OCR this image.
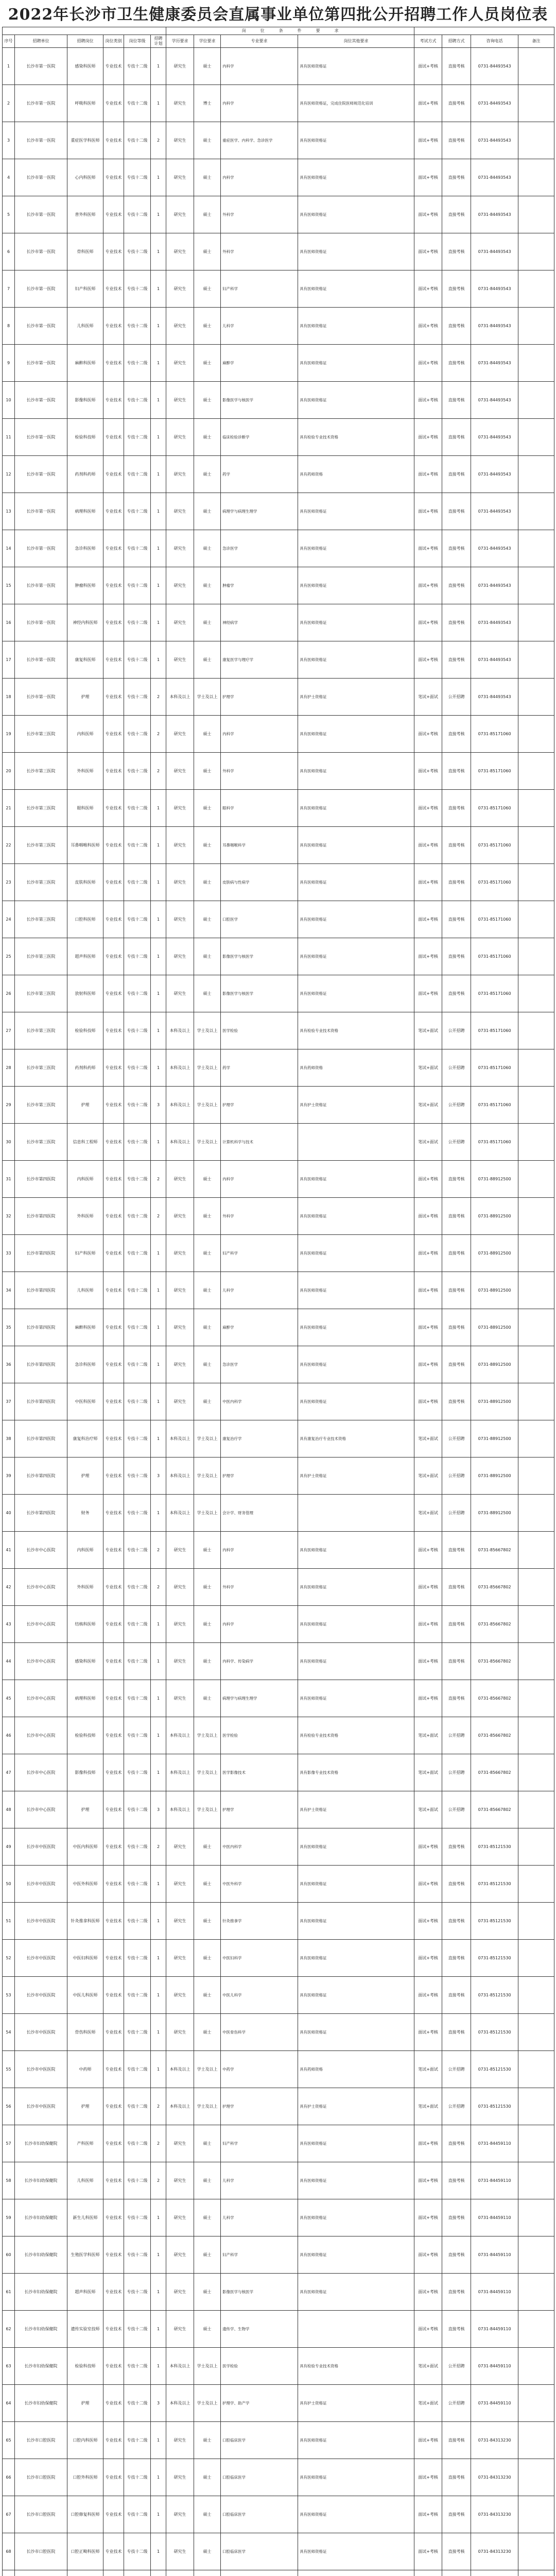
2022年长沙市卫生健康委员会直属事业单位第四批公开招聘工作人员岗位表
						岗 位 条 件 要 求							
序号	招聘单位	招聘岗位	岗位类别	岗位等级	招聘计划	学历要求	学位要求	专业要求	岗位其他要求	考试方式	招聘方式	咨询电话	备注
1	长沙市第一医院	感染科医师	专业技术	专技十二级	1	研究生	硕士	内科学	具有医师资格证	面试+考核	直接考核	0731-84493543	
2	长沙市第一医院	呼吸科医师	专业技术	专技十二级	1	研究生	博士	内科学	具有医师资格证，完成住院医师规范化培训	面试+考核	直接考核	0731-84493543	
3	长沙市第一医院	重症医学科医师	专业技术	专技十二级	2	研究生	硕士	重症医学、内科学、急诊医学	具有医师资格证	面试+考核	直接考核	0731-84493543	
4	长沙市第一医院	心内科医师	专业技术	专技十二级	1	研究生	硕士	内科学	具有医师资格证	面试+考核	直接考核	0731-84493543	
5	长沙市第一医院	普外科医师	专业技术	专技十二级	1	研究生	硕士	外科学	具有医师资格证	面试+考核	直接考核	0731-84493543	
6	长沙市第一医院	骨科医师	专业技术	专技十二级	1	研究生	硕士	外科学	具有医师资格证	面试+考核	直接考核	0731-84493543	
7	长沙市第一医院	妇产科医师	专业技术	专技十二级	1	研究生	硕士	妇产科学	具有医师资格证	面试+考核	直接考核	0731-84493543	
8	长沙市第一医院	儿科医师	专业技术	专技十二级	1	研究生	硕士	儿科学	具有医师资格证	面试+考核	直接考核	0731-84493543	
9	长沙市第一医院	麻醉科医师	专业技术	专技十二级	1	研究生	硕士	麻醉学	具有医师资格证	面试+考核	直接考核	0731-84493543	
10	长沙市第一医院	影像科医师	专业技术	专技十二级	1	研究生	硕士	影像医学与核医学	具有医师资格证	面试+考核	直接考核	0731-84493543	
11	长沙市第一医院	检验科技师	专业技术	专技十二级	1	研究生	硕士	临床检验诊断学	具有检验专业技术资格	面试+考核	直接考核	0731-84493543	
12	长沙市第一医院	药剂科药师	专业技术	专技十二级	1	研究生	硕士	药学	具有药师资格	面试+考核	直接考核	0731-84493543	
13	长沙市第一医院	病理科医师	专业技术	专技十二级	1	研究生	硕士	病理学与病理生理学	具有医师资格证	面试+考核	直接考核	0731-84493543	
14	长沙市第一医院	急诊科医师	专业技术	专技十二级	1	研究生	硕士	急诊医学	具有医师资格证	面试+考核	直接考核	0731-84493543	
15	长沙市第一医院	肿瘤科医师	专业技术	专技十二级	1	研究生	硕士	肿瘤学	具有医师资格证	面试+考核	直接考核	0731-84493543	
16	长沙市第一医院	神经内科医师	专业技术	专技十二级	1	研究生	硕士	神经病学	具有医师资格证	面试+考核	直接考核	0731-84493543	
17	长沙市第一医院	康复科医师	专业技术	专技十二级	1	研究生	硕士	康复医学与理疗学	具有医师资格证	面试+考核	直接考核	0731-84493543	
18	长沙市第一医院	护理	专业技术	专技十二级	2	本科及以上	学士及以上	护理学	具有护士资格证	笔试+面试	公开招聘	0731-84493543	
19	长沙市第三医院	内科医师	专业技术	专技十二级	2	研究生	硕士	内科学	具有医师资格证	面试+考核	直接考核	0731-85171060	
20	长沙市第三医院	外科医师	专业技术	专技十二级	2	研究生	硕士	外科学	具有医师资格证	面试+考核	直接考核	0731-85171060	
21	长沙市第三医院	眼科医师	专业技术	专技十二级	1	研究生	硕士	眼科学	具有医师资格证	面试+考核	直接考核	0731-85171060	
22	长沙市第三医院	耳鼻咽喉科医师	专业技术	专技十二级	1	研究生	硕士	耳鼻咽喉科学	具有医师资格证	面试+考核	直接考核	0731-85171060	
23	长沙市第三医院	皮肤科医师	专业技术	专技十二级	1	研究生	硕士	皮肤病与性病学	具有医师资格证	面试+考核	直接考核	0731-85171060	
24	长沙市第三医院	口腔科医师	专业技术	专技十二级	1	研究生	硕士	口腔医学	具有医师资格证	面试+考核	直接考核	0731-85171060	
25	长沙市第三医院	超声科医师	专业技术	专技十二级	1	研究生	硕士	影像医学与核医学	具有医师资格证	面试+考核	直接考核	0731-85171060	
26	长沙市第三医院	放射科医师	专业技术	专技十二级	1	研究生	硕士	影像医学与核医学	具有医师资格证	面试+考核	直接考核	0731-85171060	
27	长沙市第三医院	检验科技师	专业技术	专技十二级	1	本科及以上	学士及以上	医学检验	具有检验专业技术资格	笔试+面试	公开招聘	0731-85171060	
28	长沙市第三医院	药剂科药师	专业技术	专技十二级	1	本科及以上	学士及以上	药学	具有药师资格	笔试+面试	公开招聘	0731-85171060	
29	长沙市第三医院	护理	专业技术	专技十二级	3	本科及以上	学士及以上	护理学	具有护士资格证	笔试+面试	公开招聘	0731-85171060	
30	长沙市第三医院	信息科工程师	专业技术	专技十二级	1	本科及以上	学士及以上	计算机科学与技术		笔试+面试	公开招聘	0731-85171060	
31	长沙市第四医院	内科医师	专业技术	专技十二级	2	研究生	硕士	内科学	具有医师资格证	面试+考核	直接考核	0731-88912500	
32	长沙市第四医院	外科医师	专业技术	专技十二级	2	研究生	硕士	外科学	具有医师资格证	面试+考核	直接考核	0731-88912500	
33	长沙市第四医院	妇产科医师	专业技术	专技十二级	1	研究生	硕士	妇产科学	具有医师资格证	面试+考核	直接考核	0731-88912500	
34	长沙市第四医院	儿科医师	专业技术	专技十二级	1	研究生	硕士	儿科学	具有医师资格证	面试+考核	直接考核	0731-88912500	
35	长沙市第四医院	麻醉科医师	专业技术	专技十二级	1	研究生	硕士	麻醉学	具有医师资格证	面试+考核	直接考核	0731-88912500	
36	长沙市第四医院	急诊科医师	专业技术	专技十二级	1	研究生	硕士	急诊医学	具有医师资格证	面试+考核	直接考核	0731-88912500	
37	长沙市第四医院	中医科医师	专业技术	专技十二级	1	研究生	硕士	中医内科学	具有医师资格证	面试+考核	直接考核	0731-88912500	
38	长沙市第四医院	康复科治疗师	专业技术	专技十二级	1	本科及以上	学士及以上	康复治疗学	具有康复治疗专业技术资格	笔试+面试	公开招聘	0731-88912500	
39	长沙市第四医院	护理	专业技术	专技十二级	3	本科及以上	学士及以上	护理学	具有护士资格证	笔试+面试	公开招聘	0731-88912500	
40	长沙市第四医院	财务	专业技术	专技十二级	1	本科及以上	学士及以上	会计学、财务管理		笔试+面试	公开招聘	0731-88912500	
41	长沙市中心医院	内科医师	专业技术	专技十二级	2	研究生	硕士	内科学	具有医师资格证	面试+考核	直接考核	0731-85667802	
42	长沙市中心医院	外科医师	专业技术	专技十二级	2	研究生	硕士	外科学	具有医师资格证	面试+考核	直接考核	0731-85667802	
43	长沙市中心医院	结核科医师	专业技术	专技十二级	1	研究生	硕士	内科学	具有医师资格证	面试+考核	直接考核	0731-85667802	
44	长沙市中心医院	感染科医师	专业技术	专技十二级	1	研究生	硕士	内科学、传染病学	具有医师资格证	面试+考核	直接考核	0731-85667802	
45	长沙市中心医院	病理科医师	专业技术	专技十二级	1	研究生	硕士	病理学与病理生理学	具有医师资格证	面试+考核	直接考核	0731-85667802	
46	长沙市中心医院	检验科技师	专业技术	专技十二级	1	本科及以上	学士及以上	医学检验	具有检验专业技术资格	笔试+面试	公开招聘	0731-85667802	
47	长沙市中心医院	影像科技师	专业技术	专技十二级	1	本科及以上	学士及以上	医学影像技术	具有影像专业技术资格	笔试+面试	公开招聘	0731-85667802	
48	长沙市中心医院	护理	专业技术	专技十二级	3	本科及以上	学士及以上	护理学	具有护士资格证	笔试+面试	公开招聘	0731-85667802	
49	长沙市中医医院	中医内科医师	专业技术	专技十二级	2	研究生	硕士	中医内科学	具有医师资格证	面试+考核	直接考核	0731-85121530	
50	长沙市中医医院	中医外科医师	专业技术	专技十二级	1	研究生	硕士	中医外科学	具有医师资格证	面试+考核	直接考核	0731-85121530	
51	长沙市中医医院	针灸推拿科医师	专业技术	专技十二级	1	研究生	硕士	针灸推拿学	具有医师资格证	面试+考核	直接考核	0731-85121530	
52	长沙市中医医院	中医妇科医师	专业技术	专技十二级	1	研究生	硕士	中医妇科学	具有医师资格证	面试+考核	直接考核	0731-85121530	
53	长沙市中医医院	中医儿科医师	专业技术	专技十二级	1	研究生	硕士	中医儿科学	具有医师资格证	面试+考核	直接考核	0731-85121530	
54	长沙市中医医院	骨伤科医师	专业技术	专技十二级	1	研究生	硕士	中医骨伤科学	具有医师资格证	面试+考核	直接考核	0731-85121530	
55	长沙市中医医院	中药师	专业技术	专技十二级	1	本科及以上	学士及以上	中药学	具有药师资格	笔试+面试	公开招聘	0731-85121530	
56	长沙市中医医院	护理	专业技术	专技十二级	2	本科及以上	学士及以上	护理学	具有护士资格证	笔试+面试	公开招聘	0731-85121530	
57	长沙市妇幼保健院	产科医师	专业技术	专技十二级	2	研究生	硕士	妇产科学	具有医师资格证	面试+考核	直接考核	0731-84459110	
58	长沙市妇幼保健院	儿科医师	专业技术	专技十二级	2	研究生	硕士	儿科学	具有医师资格证	面试+考核	直接考核	0731-84459110	
59	长沙市妇幼保健院	新生儿科医师	专业技术	专技十二级	1	研究生	硕士	儿科学	具有医师资格证	面试+考核	直接考核	0731-84459110	
60	长沙市妇幼保健院	生殖医学科医师	专业技术	专技十二级	1	研究生	硕士	妇产科学	具有医师资格证	面试+考核	直接考核	0731-84459110	
61	长沙市妇幼保健院	超声科医师	专业技术	专技十二级	1	研究生	硕士	影像医学与核医学	具有医师资格证	面试+考核	直接考核	0731-84459110	
62	长沙市妇幼保健院	遗传实验室技师	专业技术	专技十二级	1	研究生	硕士	遗传学、生物学		面试+考核	直接考核	0731-84459110	
63	长沙市妇幼保健院	检验科技师	专业技术	专技十二级	1	本科及以上	学士及以上	医学检验	具有检验专业技术资格	笔试+面试	公开招聘	0731-84459110	
64	长沙市妇幼保健院	护理	专业技术	专技十二级	3	本科及以上	学士及以上	护理学、助产学	具有护士资格证	笔试+面试	公开招聘	0731-84459110	
65	长沙市口腔医院	口腔内科医师	专业技术	专技十二级	1	研究生	硕士	口腔临床医学	具有医师资格证	面试+考核	直接考核	0731-84313230	
66	长沙市口腔医院	口腔外科医师	专业技术	专技十二级	1	研究生	硕士	口腔临床医学	具有医师资格证	面试+考核	直接考核	0731-84313230	
67	长沙市口腔医院	口腔修复科医师	专业技术	专技十二级	1	研究生	硕士	口腔临床医学	具有医师资格证	面试+考核	直接考核	0731-84313230	
68	长沙市口腔医院	口腔正畸科医师	专业技术	专技十二级	1	研究生	硕士	口腔临床医学	具有医师资格证	面试+考核	直接考核	0731-84313230	
